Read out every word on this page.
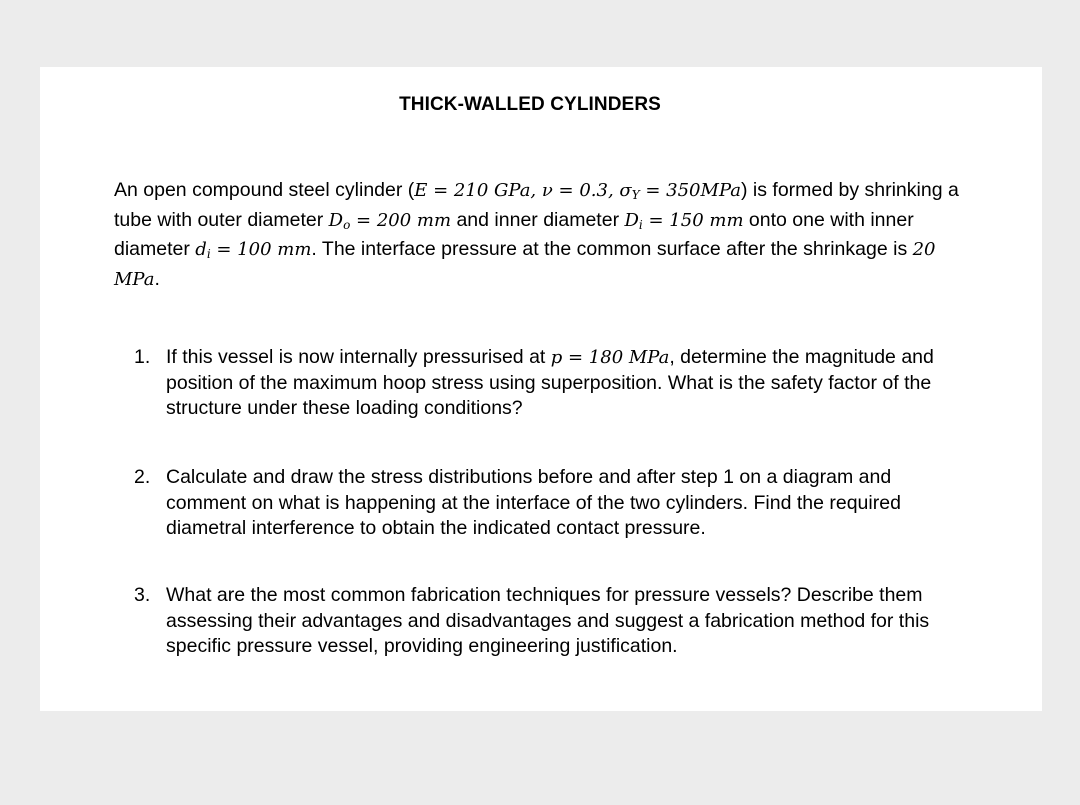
THICK-WALLED CYLINDERS
An open compound steel cylinder (E = 210 GPa, ν = 0.3, $\sigma_Y = 350MPa$) is formed by shrinking a tube with outer diameter $D_o = 200$ mm and inner diameter $D_i = 150$ mm onto one with inner diameter $d_i = 100$ mm. The interface pressure at the common surface after the shrinkage is 20 MPa.
1. If this vessel is now internally pressurised at p = 180 MPa, determine the magnitude and position of the maximum hoop stress using superposition. What is the safety factor of the structure under these loading conditions?
2. Calculate and draw the stress distributions before and after step 1 on a diagram and comment on what is happening at the interface of the two cylinders. Find the required diametral interference to obtain the indicated contact pressure.
3. What are the most common fabrication techniques for pressure vessels? Describe them assessing their advantages and disadvantages and suggest a fabrication method for this specific pressure vessel, providing engineering justification.
